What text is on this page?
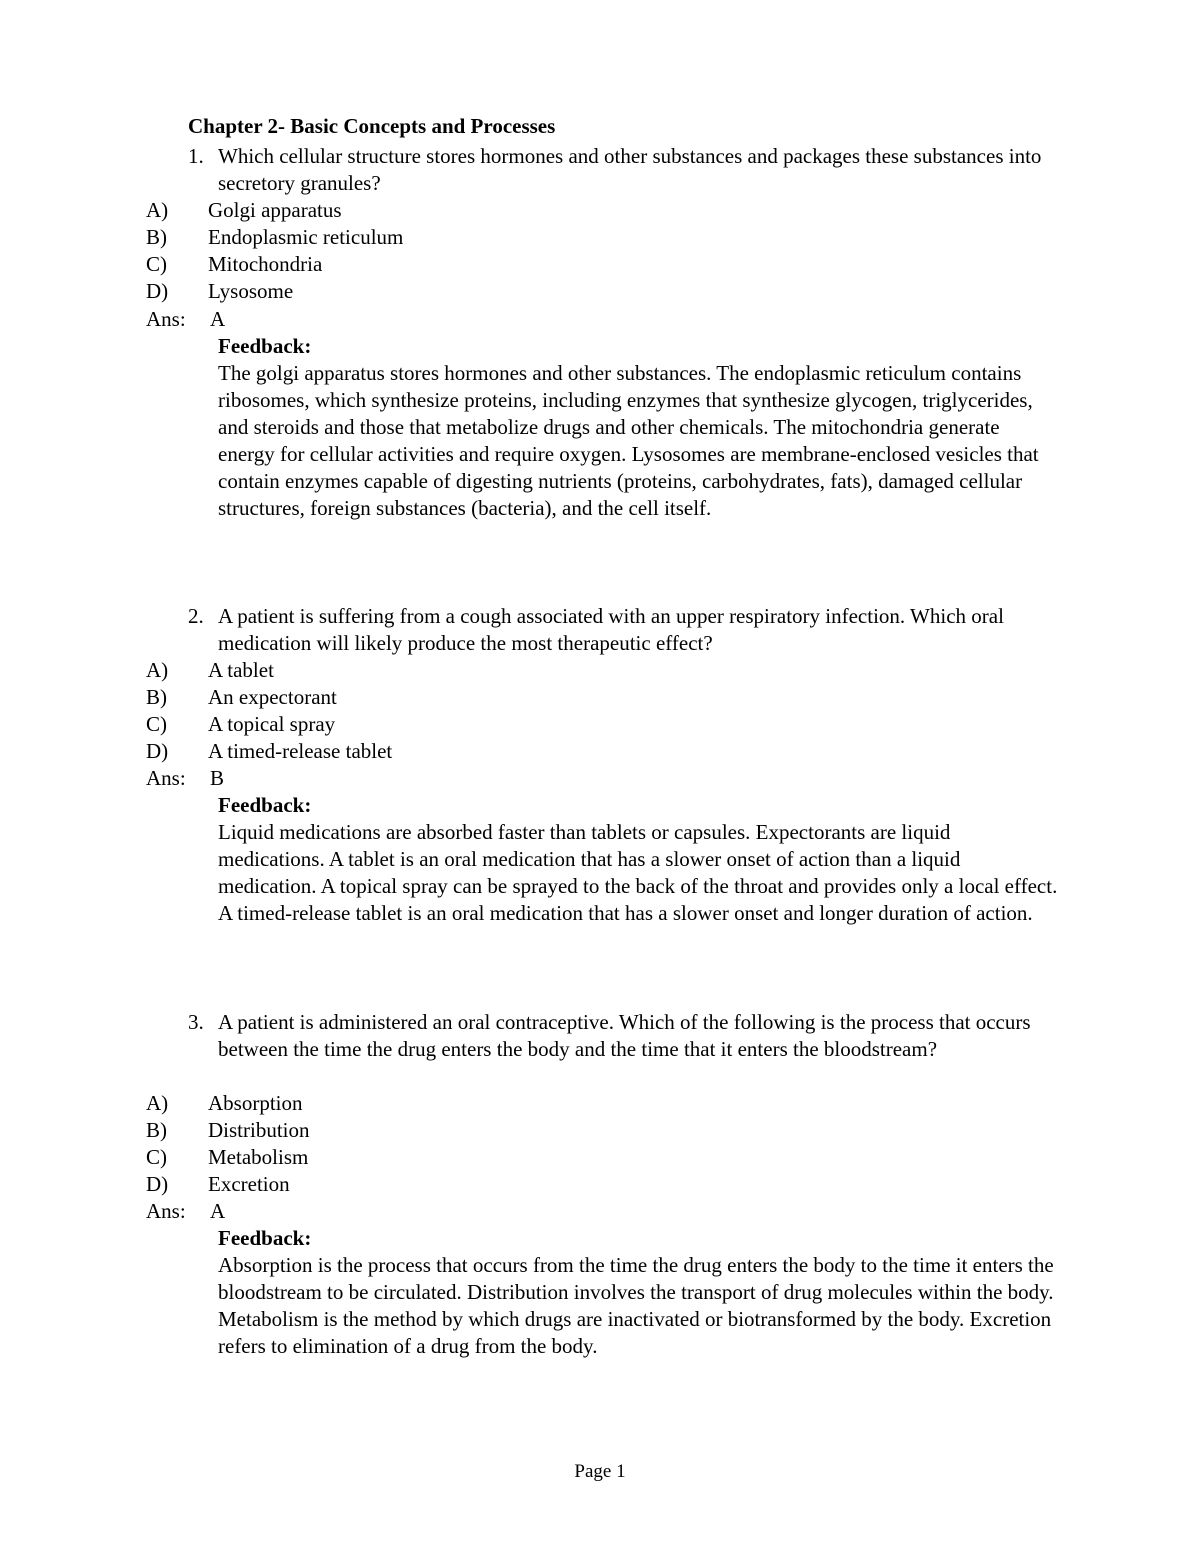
Chapter 2- Basic Concepts and Processes
1. Which cellular structure stores hormones and other substances and packages these substances into secretory granules?
A) Golgi apparatus
B) Endoplasmic reticulum
C) Mitochondria
D) Lysosome
Ans: A
Feedback:
The golgi apparatus stores hormones and other substances. The endoplasmic reticulum contains ribosomes, which synthesize proteins, including enzymes that synthesize glycogen, triglycerides, and steroids and those that metabolize drugs and other chemicals. The mitochondria generate energy for cellular activities and require oxygen. Lysosomes are membrane-enclosed vesicles that contain enzymes capable of digesting nutrients (proteins, carbohydrates, fats), damaged cellular structures, foreign substances (bacteria), and the cell itself.
2. A patient is suffering from a cough associated with an upper respiratory infection. Which oral medication will likely produce the most therapeutic effect?
A) A tablet
B) An expectorant
C) A topical spray
D) A timed-release tablet
Ans: B
Feedback:
Liquid medications are absorbed faster than tablets or capsules. Expectorants are liquid medications. A tablet is an oral medication that has a slower onset of action than a liquid medication. A topical spray can be sprayed to the back of the throat and provides only a local effect. A timed-release tablet is an oral medication that has a slower onset and longer duration of action.
3. A patient is administered an oral contraceptive. Which of the following is the process that occurs between the time the drug enters the body and the time that it enters the bloodstream?
A) Absorption
B) Distribution
C) Metabolism
D) Excretion
Ans: A
Feedback:
Absorption is the process that occurs from the time the drug enters the body to the time it enters the bloodstream to be circulated. Distribution involves the transport of drug molecules within the body. Metabolism is the method by which drugs are inactivated or biotransformed by the body. Excretion refers to elimination of a drug from the body.
Page 1
